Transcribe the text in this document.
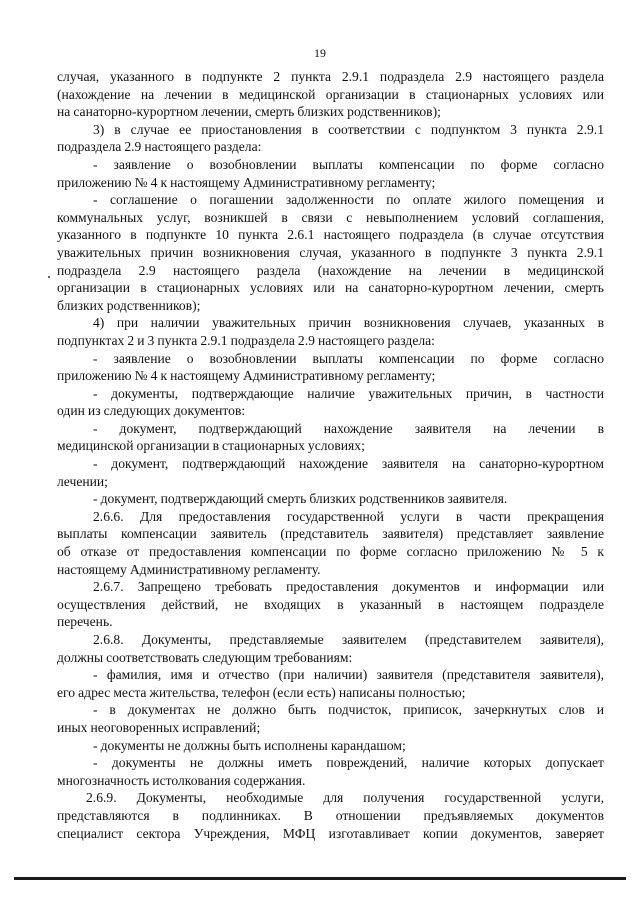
19
случая, указанного в подпункте 2 пункта 2.9.1 подраздела 2.9 настоящего раздела
(нахождение на лечении в медицинской организации в стационарных условиях или
на санаторно-курортном лечении, смерть близких родственников);
3) в случае ее приостановления в соответствии с подпунктом 3 пункта 2.9.1
подраздела 2.9 настоящего раздела:
- заявление о возобновлении выплаты компенсации по форме согласно
приложению № 4 к настоящему Административному регламенту;
- соглашение о погашении задолженности по оплате жилого помещения и
коммунальных услуг, возникшей в связи с невыполнением условий соглашения,
указанного в подпункте 10 пункта 2.6.1 настоящего подраздела (в случае отсутствия
уважительных причин возникновения случая, указанного в подпункте 3 пункта 2.9.1
подраздела 2.9 настоящего раздела (нахождение на лечении в медицинской
организации в стационарных условиях или на санаторно-курортном лечении, смерть
близких родственников);
4) при наличии уважительных причин возникновения случаев, указанных в
подпунктах 2 и 3 пункта 2.9.1 подраздела 2.9 настоящего раздела:
- заявление о возобновлении выплаты компенсации по форме согласно
приложению № 4 к настоящему Административному регламенту;
- документы, подтверждающие наличие уважительных причин, в частности
один из следующих документов:
- документ, подтверждающий нахождение заявителя на лечении в
медицинской организации в стационарных условиях;
- документ, подтверждающий нахождение заявителя на санаторно-курортном
лечении;
- документ, подтверждающий смерть близких родственников заявителя.
2.6.6. Для предоставления государственной услуги в части прекращения
выплаты компенсации заявитель (представитель заявителя) представляет заявление
об отказе от предоставления компенсации по форме согласно приложению № 5 к
настоящему Административному регламенту.
2.6.7. Запрещено требовать предоставления документов и информации или
осуществления действий, не входящих в указанный в настоящем подразделе
перечень.
2.6.8. Документы, представляемые заявителем (представителем заявителя),
должны соответствовать следующим требованиям:
- фамилия, имя и отчество (при наличии) заявителя (представителя заявителя),
его адрес места жительства, телефон (если есть) написаны полностью;
- в документах не должно быть подчисток, приписок, зачеркнутых слов и
иных неоговоренных исправлений;
- документы не должны быть исполнены карандашом;
- документы не должны иметь повреждений, наличие которых допускает
многозначность истолкования содержания.
2.6.9. Документы, необходимые для получения государственной услуги,
представляются в подлинниках. В отношении предъявляемых документов
специалист сектора Учреждения, МФЦ изготавливает копии документов, заверяет
